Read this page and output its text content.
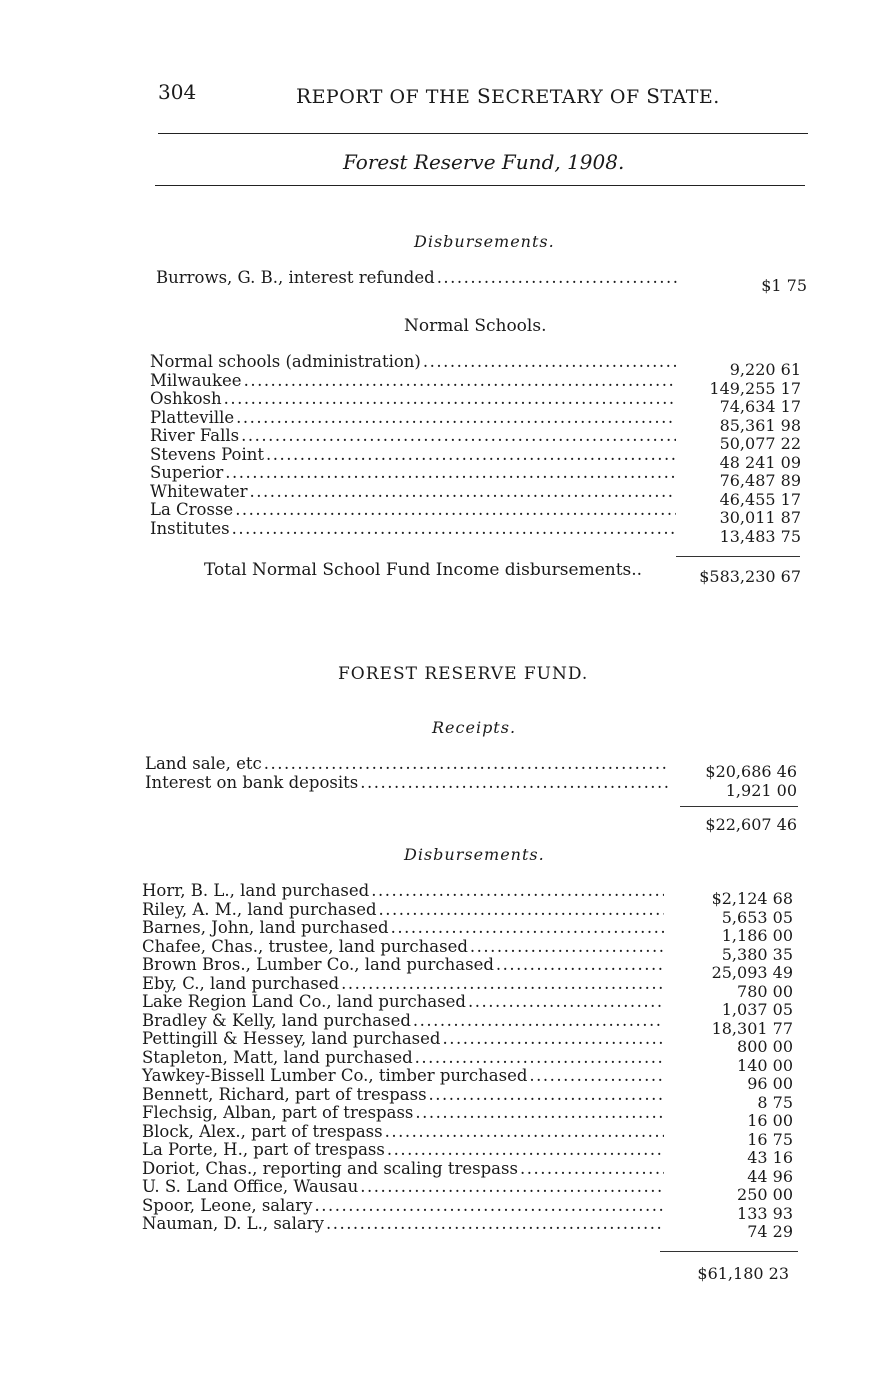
304	REPORT OF THE SECRETARY OF STATE.
Forest Reserve Fund, 1908.
Disbursements.
Burrows, G. B., interest refunded .....	$1 75
Normal Schools.
Normal schools (administration) .....	9,220 61
Milwaukee .....	149,255 17
Oshkosh .....	74,634 17
Platteville .....	85,361 98
River Falls .....	50,077 22
Stevens Point .....	48 241 09
Superior .....	76,487 89
Whitewater .....	46,455 17
La Crosse .....	30,011 87
Institutes .....	13,483 75
Total Normal School Fund Income disbursements..	$583,230 67
FOREST RESERVE FUND.
Receipts.
Land sale, etc .....	$20,686 46
Interest on bank deposits .....	1,921 00
$22,607 46
Disbursements.
Horr, B. L., land purchased .....	$2,124 68
Riley, A. M., land purchased .....	5,653 05
Barnes, John, land purchased .....	1,186 00
Chafee, Chas., trustee, land purchased .....	5,380 35
Brown Bros., Lumber Co., land purchased .....	25,093 49
Eby, C., land purchased .....	780 00
Lake Region Land Co., land purchased .....	1,037 05
Bradley & Kelly, land purchased .....	18,301 77
Pettingill & Hessey, land purchased .....	800 00
Stapleton, Matt, land purchased .....	140 00
Yawkey-Bissell Lumber Co., timber purchased .....	96 00
Bennett, Richard, part of trespass .....	8 75
Flechsig, Alban, part of trespass .....	16 00
Block, Alex., part of trespass .....	16 75
La Porte, H., part of trespass .....	43 16
Doriot, Chas., reporting and scaling trespass .....	44 96
U. S. Land Office, Wausau .....	250 00
Spoor, Leone, salary .....	133 93
Nauman, D. L., salary .....	74 29
$61,180 23
